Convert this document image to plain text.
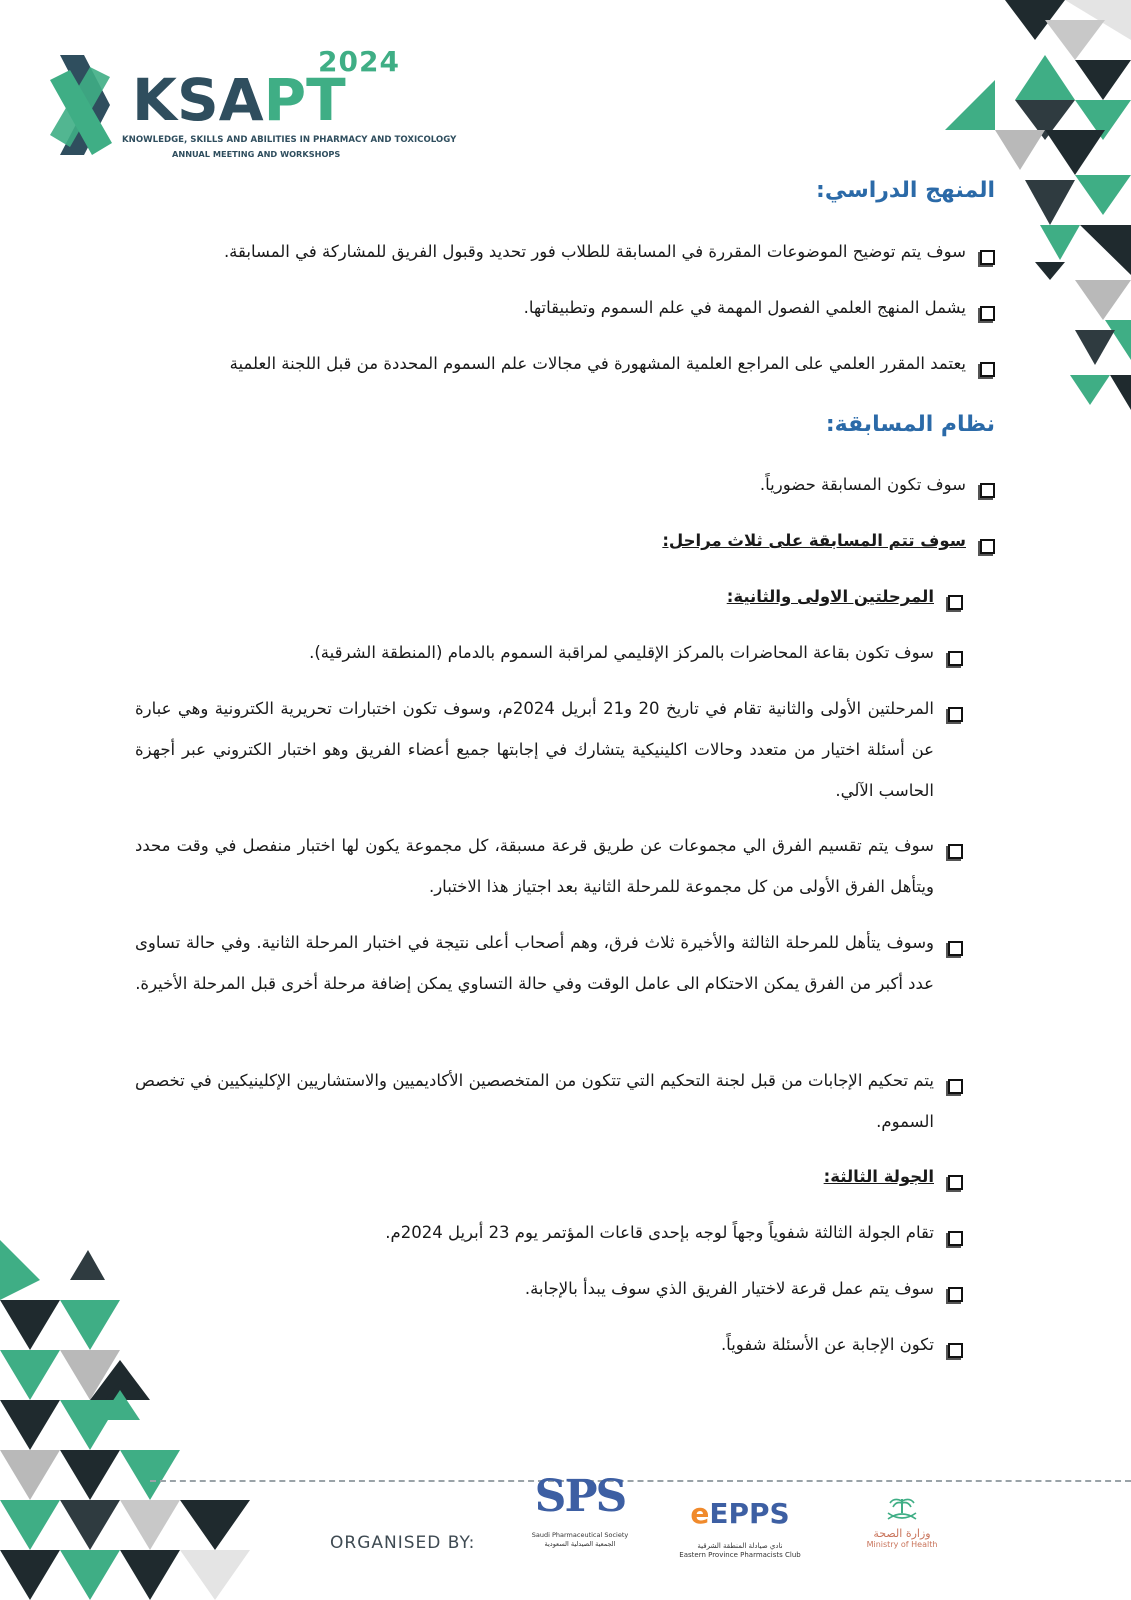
2024
KSAPT
KNOWLEDGE, SKILLS AND ABILITIES IN PHARMACY AND TOXICOLOGY
ANNUAL MEETING AND WORKSHOPS
المنهج الدراسي:
سوف يتم توضيح الموضوعات المقررة في المسابقة للطلاب فور تحديد وقبول الفريق للمشاركة في المسابقة.
يشمل المنهج العلمي الفصول المهمة في علم السموم وتطبيقاتها.
يعتمد المقرر العلمي على المراجع العلمية المشهورة في مجالات علم السموم المحددة من قبل اللجنة العلمية
نظام المسابقة:
سوف تكون المسابقة حضورياً.
سوف تتم المسابقة على ثلاث مراحل:
المرحلتين الاولى والثانية:
سوف تكون بقاعة المحاضرات بالمركز الإقليمي لمراقبة السموم بالدمام (المنطقة الشرقية).
المرحلتين الأولى والثانية تقام في تاريخ 20 و21 أبريل 2024م، وسوف تكون اختبارات تحريرية الكترونية وهي عبارة عن أسئلة اختيار من متعدد وحالات اكلينيكية يتشارك في إجابتها جميع أعضاء الفريق وهو اختبار الكتروني عبر أجهزة الحاسب الآلي.
سوف يتم تقسيم الفرق الي مجموعات عن طريق قرعة مسبقة، كل مجموعة يكون لها اختبار منفصل في وقت محدد ويتأهل الفرق الأولى من كل مجموعة للمرحلة الثانية بعد اجتياز هذا الاختبار.
وسوف يتأهل للمرحلة الثالثة والأخيرة ثلاث فرق، وهم أصحاب أعلى نتيجة في اختبار المرحلة الثانية. وفي حالة تساوى عدد أكبر من الفرق يمكن الاحتكام الى عامل الوقت وفي حالة التساوي يمكن إضافة مرحلة أخرى قبل المرحلة الأخيرة.
يتم تحكيم الإجابات من قبل لجنة التحكيم التي تتكون من المتخصصين الأكاديميين والاستشاريين الإكلينيكيين في تخصص السموم.
الجولة الثالثة:
تقام الجولة الثالثة شفوياً وجهاً لوجه بإحدى قاعات المؤتمر يوم 23 أبريل 2024م.
سوف يتم عمل قرعة لاختيار الفريق الذي سوف يبدأ بالإجابة.
تكون الإجابة عن الأسئلة شفوياً.
ORGANISED BY:
SPS
Saudi Pharmaceutical Society
الجمعية الصيدلية السعودية
eEPPS
نادي صيادلة المنطقة الشرقية
Eastern Province Pharmacists Club
وزارة الصحة
Ministry of Health
